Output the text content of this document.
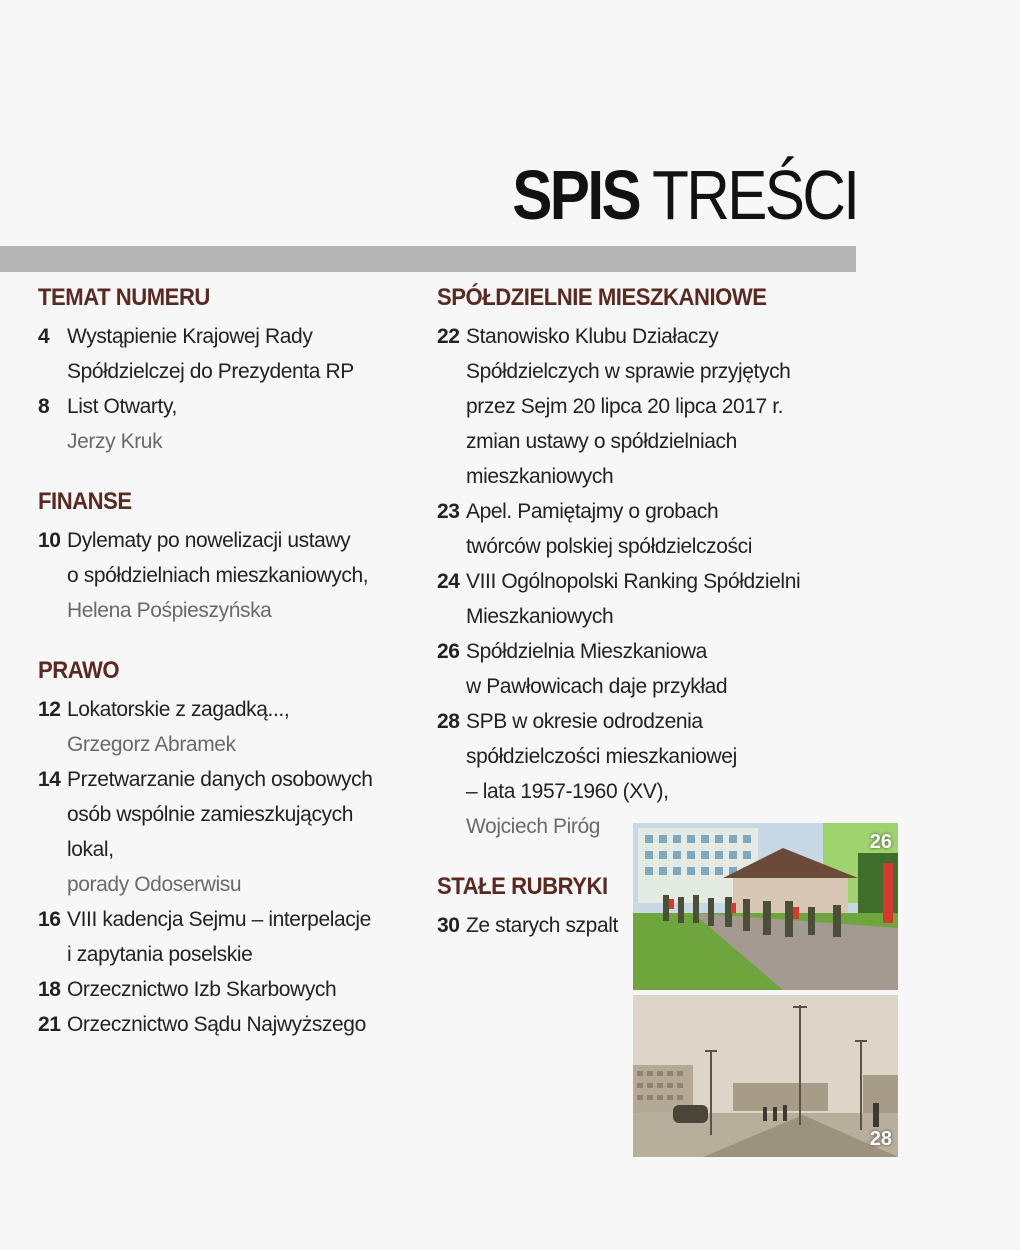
SPIS TREŚCI
TEMAT NUMERU
4 Wystąpienie Krajowej Rady
Spółdzielczej do Prezydenta RP
8 List Otwarty,
Jerzy Kruk
FINANSE
10 Dylematy po nowelizacji ustawy
o spółdzielniach mieszkaniowych,
Helena Pośpieszyńska
PRAWO
12 Lokatorskie z zagadką...,
Grzegorz Abramek
14 Przetwarzanie danych osobowych
osób wspólnie zamieszkujących
lokal,
porady Odoserwisu
16 VIII kadencja Sejmu – interpelacje
i zapytania poselskie
18 Orzecznictwo Izb Skarbowych
21 Orzecznictwo Sądu Najwyższego
SPÓŁDZIELNIE MIESZKANIOWE
22 Stanowisko Klubu Działaczy
Spółdzielczych w sprawie przyjętych
przez Sejm 20 lipca 20 lipca 2017 r.
zmian ustawy o spółdzielniach
mieszkaniowych
23 Apel. Pamiętajmy o grobach
twórców polskiej spółdzielczości
24 VIII Ogólnopolski Ranking Spółdzielni
Mieszkaniowych
26 Spółdzielnia Mieszkaniowa
w Pawłowicach daje przykład
28 SPB w okresie odrodzenia
spółdzielczości mieszkaniowej
– lata 1957-1960 (XV),
Wojciech Piróg
STAŁE RUBRYKI
30 Ze starych szpalt
26
28
